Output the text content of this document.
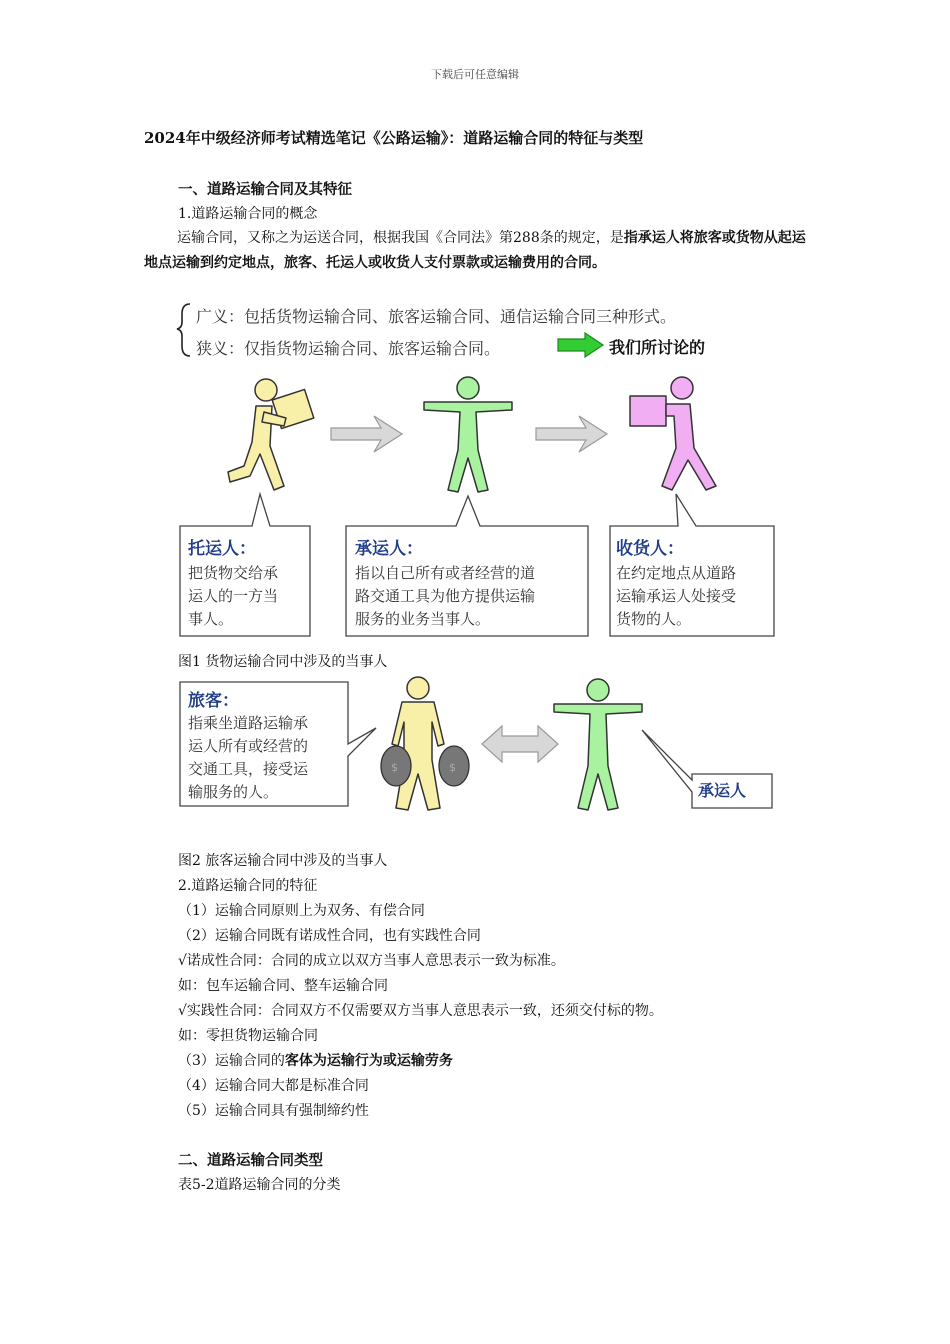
下载后可任意编辑
2024年中级经济师考试精选笔记《公路运输》：道路运输合同的特征与类型
一、道路运输合同及其特征
1.道路运输合同的概念
运输合同，又称之为运送合同，根据我国《合同法》第288条的规定，是指承运人将旅客或货物从起运地点运输到约定地点，旅客、托运人或收货人支付票款或运输费用的合同。
广义：包括货物运输合同、旅客运输合同、通信运输合同三种形式。
狭义：仅指货物运输合同、旅客运输合同。	我们所讨论的
托运人：
把货物交给承
运人的一方当
事人。
承运人：
指以自己所有或者经营的道
路交通工具为他方提供运输
服务的业务当事人。
收货人：
在约定地点从道路
运输承运人处接受
货物的人。
图1 货物运输合同中涉及的当事人
$	$
旅客：
指乘坐道路运输承
运人所有或经营的
交通工具，接受运
输服务的人。	承运人
图2 旅客运输合同中涉及的当事人
2.道路运输合同的特征
（1）运输合同原则上为双务、有偿合同
（2）运输合同既有诺成性合同，也有实践性合同
√诺成性合同：合同的成立以双方当事人意思表示一致为标准。
如：包车运输合同、整车运输合同
√实践性合同：合同双方不仅需要双方当事人意思表示一致，还须交付标的物。
如：零担货物运输合同
（3）运输合同的客体为运输行为或运输劳务
（4）运输合同大都是标准合同
（5）运输合同具有强制缔约性
二、道路运输合同类型
表5-2道路运输合同的分类
